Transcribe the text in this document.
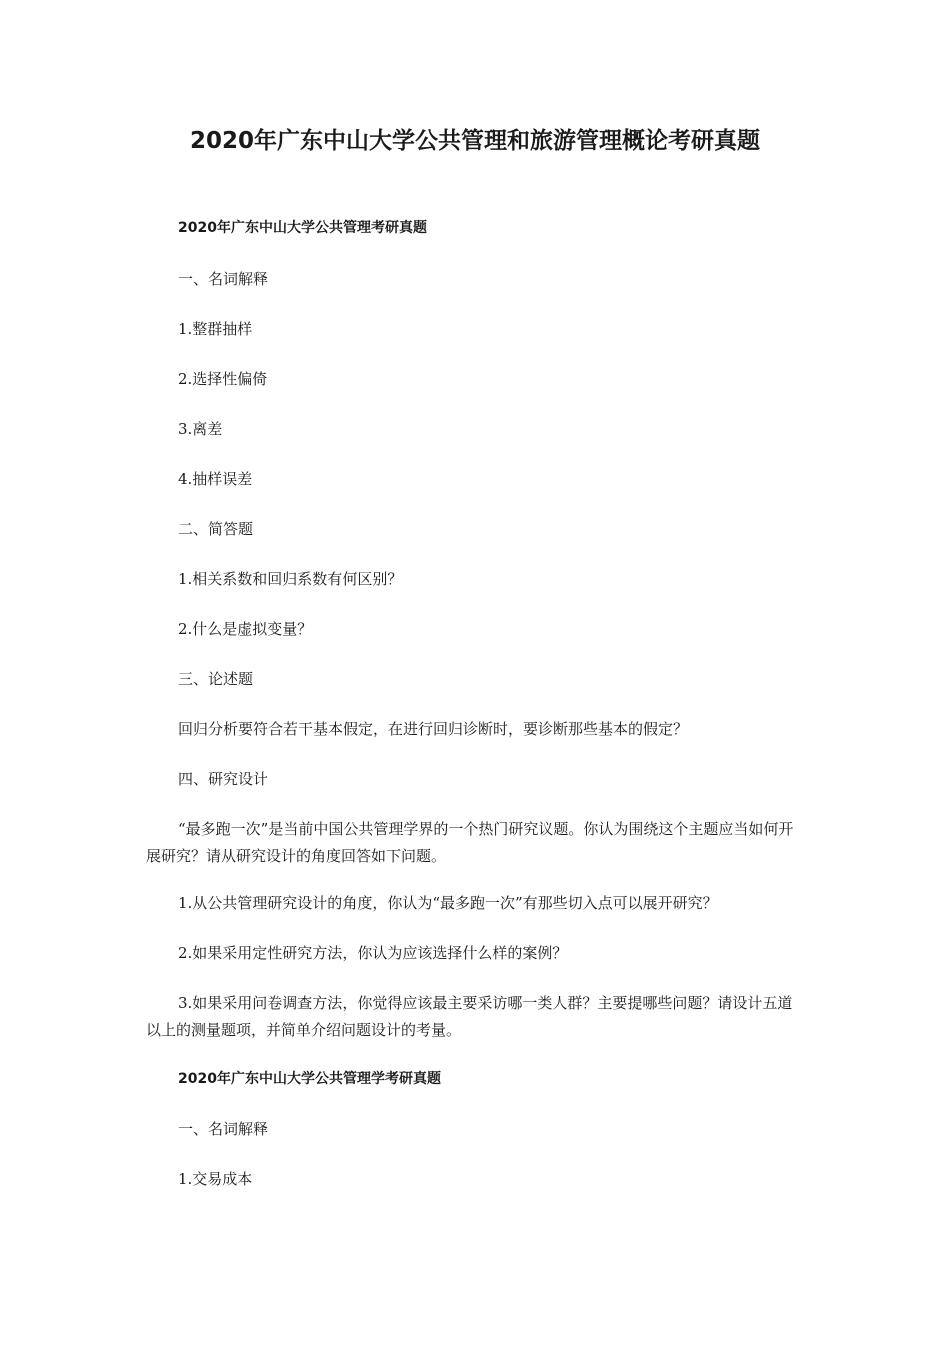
2020年广东中山大学公共管理和旅游管理概论考研真题

2020年广东中山大学公共管理考研真题

一、名词解释

1.整群抽样

2.选择性偏倚

3.离差

4.抽样误差

二、简答题

1.相关系数和回归系数有何区别？

2.什么是虚拟变量？

三、论述题

回归分析要符合若干基本假定，在进行回归诊断时，要诊断那些基本的假定？

四、研究设计

“最多跑一次”是当前中国公共管理学界的一个热门研究议题。你认为围绕这个主题应当如何开展研究？请从研究设计的角度回答如下问题。

1.从公共管理研究设计的角度，你认为“最多跑一次”有那些切入点可以展开研究？

2.如果采用定性研究方法，你认为应该选择什么样的案例？

3.如果采用问卷调查方法，你觉得应该最主要采访哪一类人群？主要提哪些问题？请设计五道以上的测量题项，并简单介绍问题设计的考量。

2020年广东中山大学公共管理学考研真题

一、名词解释

1.交易成本
